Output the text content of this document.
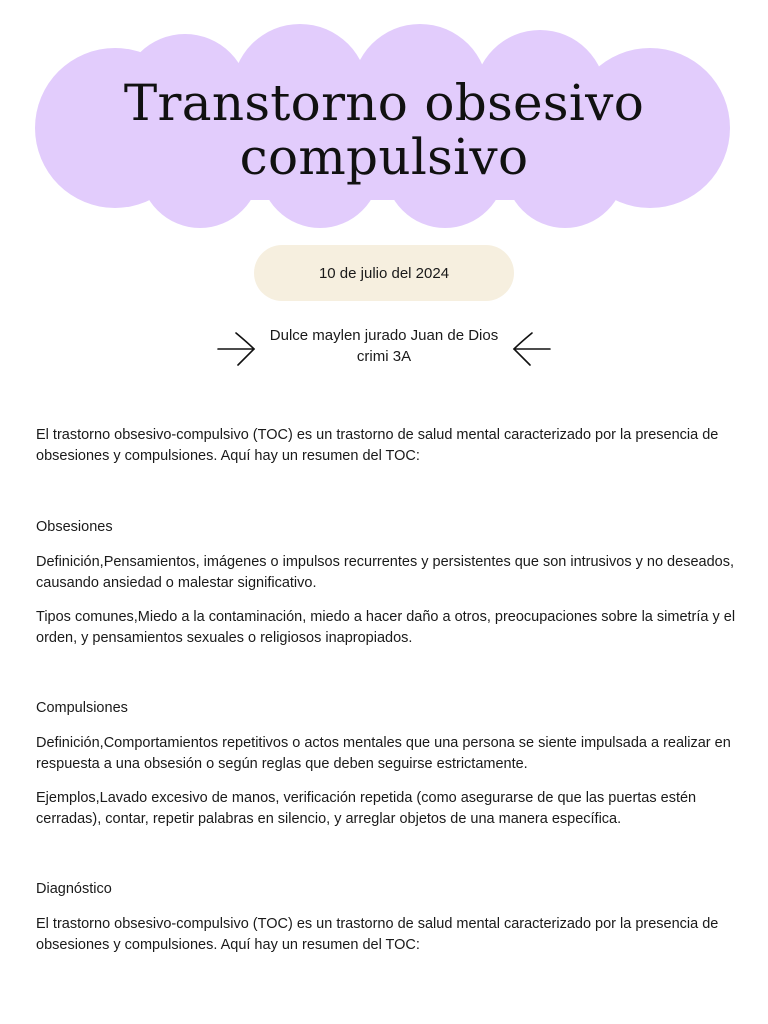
Transtorno obsesivo
compulsivo
10 de julio del 2024
Dulce maylen jurado Juan de Dios
crimi 3A

El trastorno obsesivo-compulsivo (TOC) es un trastorno de salud mental caracterizado por la presencia de obsesiones y compulsiones. Aquí hay un resumen del TOC:

Obsesiones

Definición,Pensamientos, imágenes o impulsos recurrentes y persistentes que son intrusivos y no deseados, causando ansiedad o malestar significativo.

Tipos comunes,Miedo a la contaminación, miedo a hacer daño a otros, preocupaciones sobre la simetría y el orden, y pensamientos sexuales o religiosos inapropiados.

Compulsiones

Definición,Comportamientos repetitivos o actos mentales que una persona se siente impulsada a realizar en respuesta a una obsesión o según reglas que deben seguirse estrictamente.

Ejemplos,Lavado excesivo de manos, verificación repetida (como asegurarse de que las puertas estén cerradas), contar, repetir palabras en silencio, y arreglar objetos de una manera específica.

Diagnóstico

El trastorno obsesivo-compulsivo (TOC) es un trastorno de salud mental caracterizado por la presencia de obsesiones y compulsiones. Aquí hay un resumen del TOC:
